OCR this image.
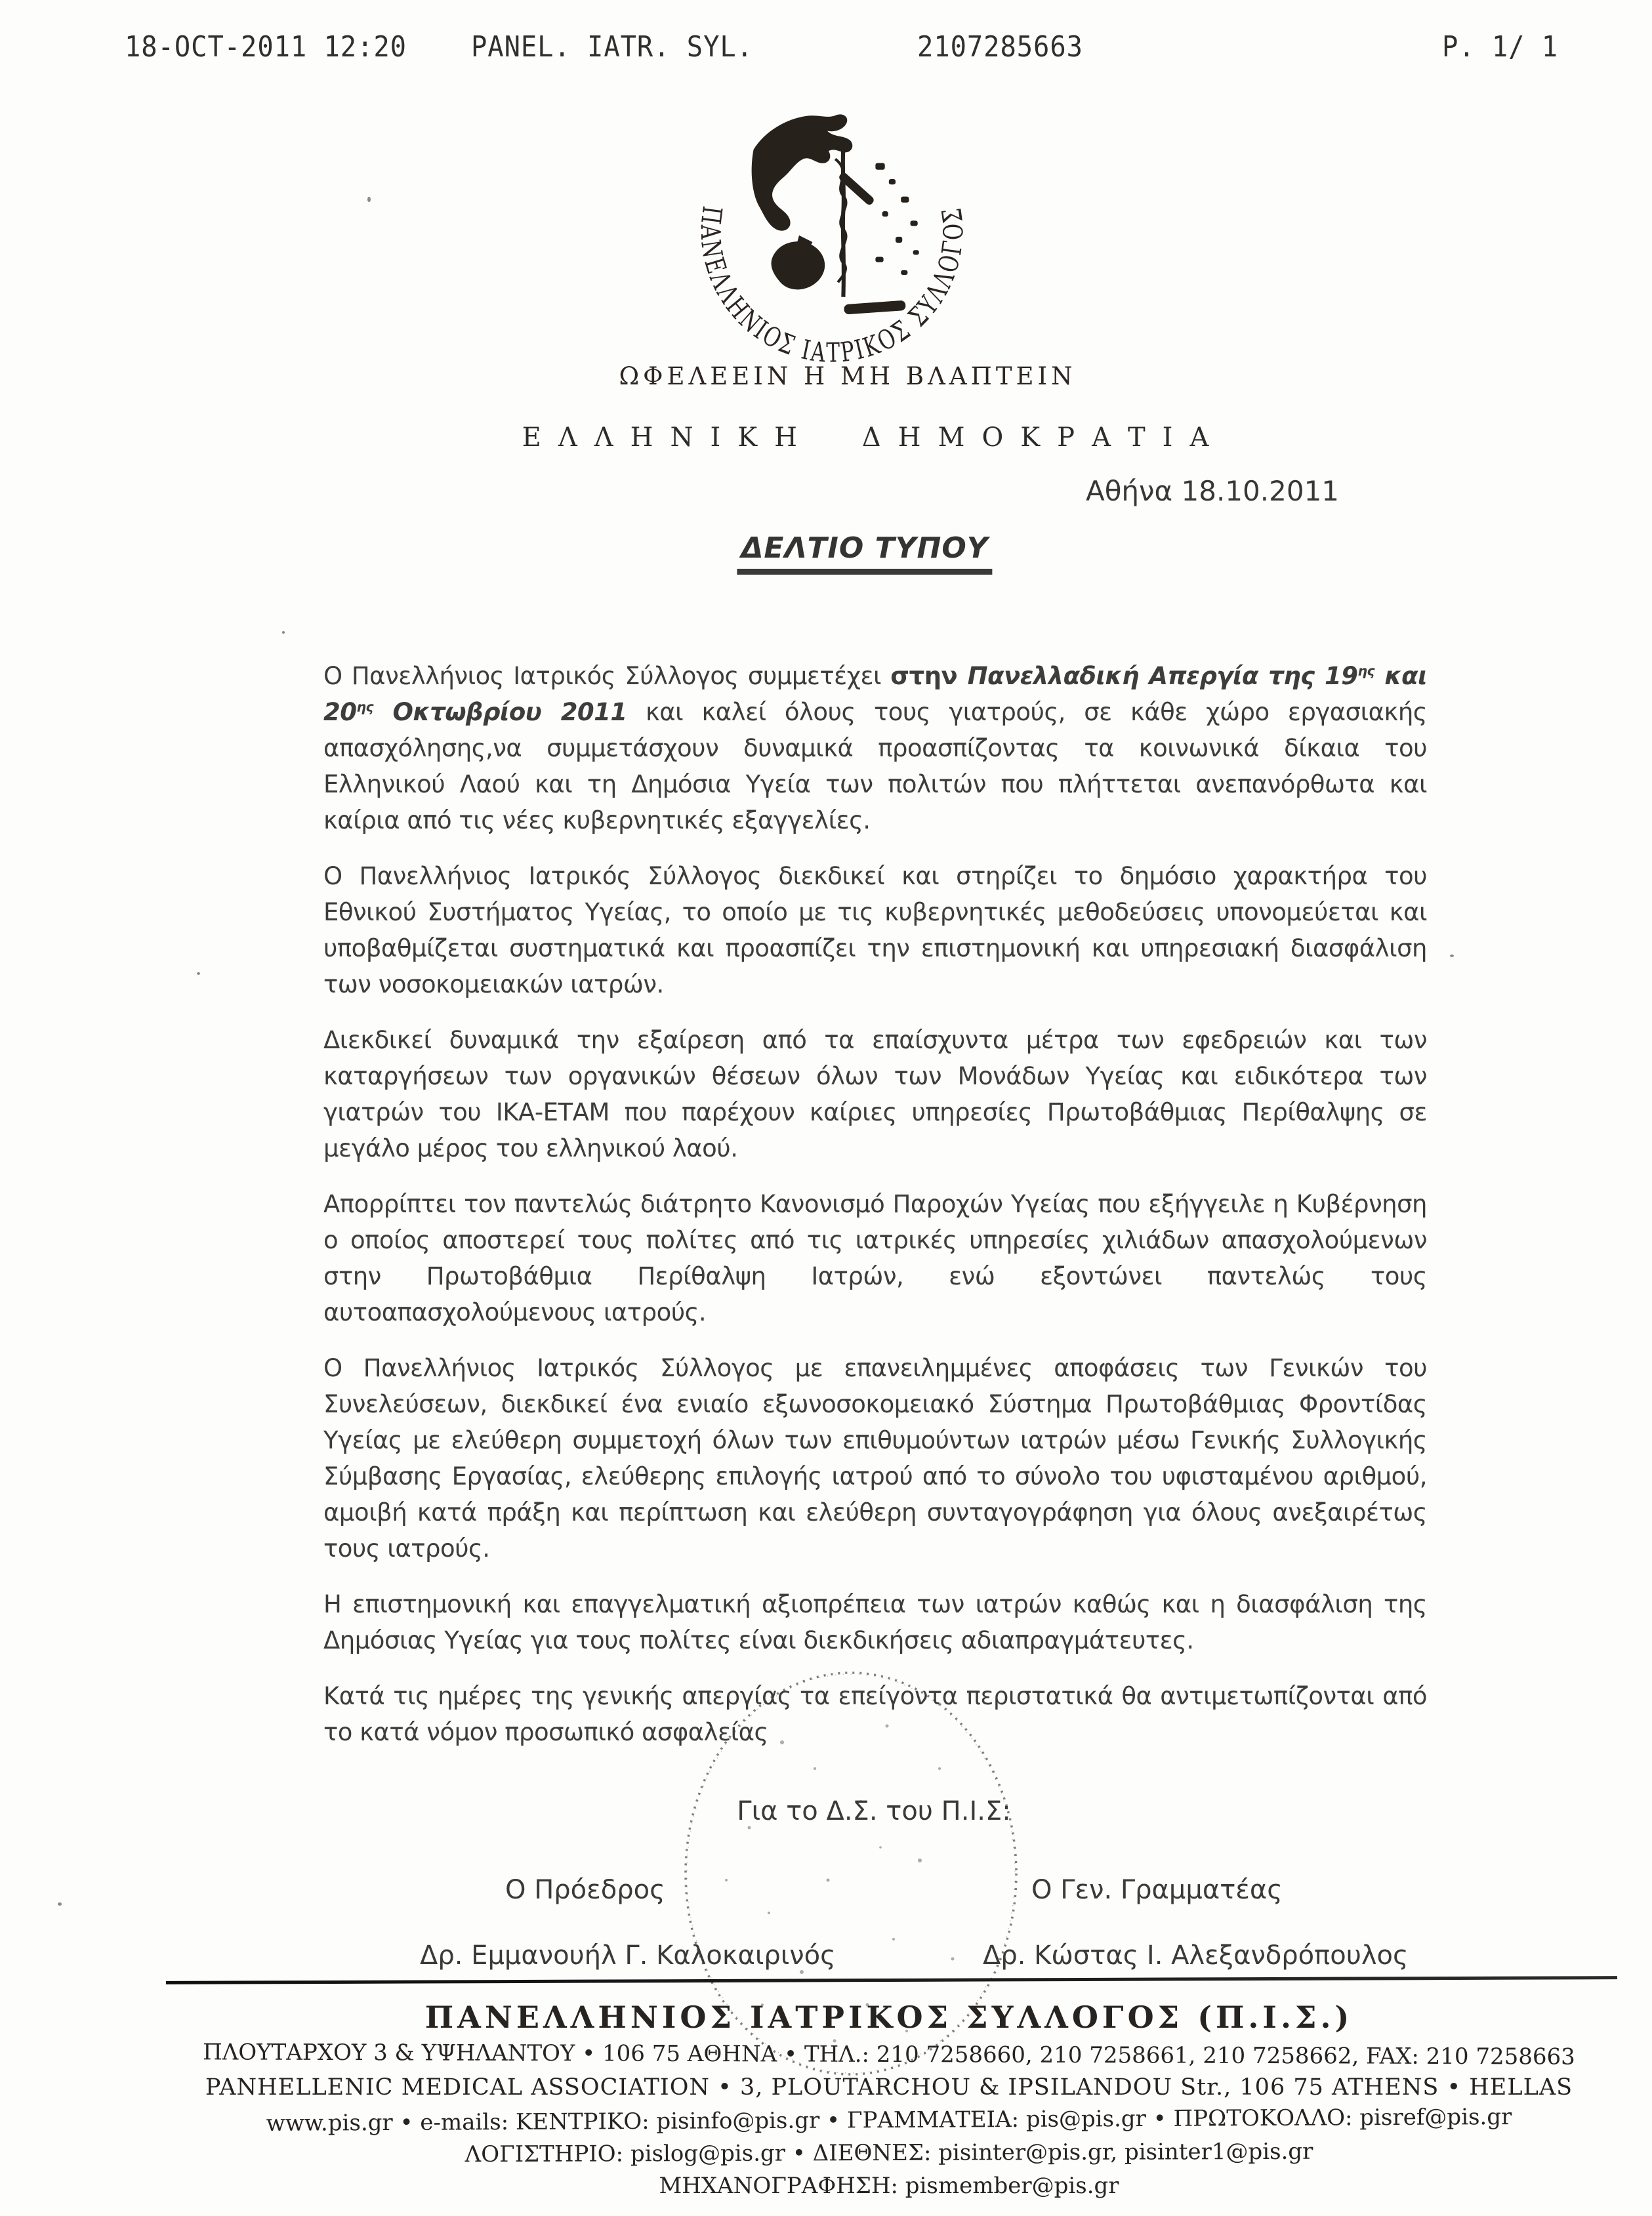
18-OCT-2011 12:20 PANEL. IATR. SYL.	2107285663	P. 1/ 1
ΠΑΝΕΛΛΗΝΙΟΣ ΙΑΤΡΙΚΟΣ ΣΥΛΛΟΓΟΣ
ΩΦΕΛΕΕΙΝ Η ΜΗ ΒΛΑΠΤΕΙΝ
ΕΛΛΗΝΙΚΗ ΔΗΜΟΚΡΑΤΙΑ
Αθήνα 18.10.2011
ΔΕΛΤΙΟ ΤΥΠΟΥ

Ο Πανελλήνιος Ιατρικός Σύλλογος συμμετέχει στην Πανελλαδική Απεργία της $19^{\eta\varsigma}$ και $20^{\eta\varsigma}$ Οκτωβρίου 2011 και καλεί όλους τους γιατρούς, σε κάθε χώρο εργασιακής απασχόλησης,να συμμετάσχουν δυναμικά προασπίζοντας τα κοινωνικά δίκαια του Ελληνικού Λαού και τη Δημόσια Υγεία των πολιτών που πλήττεται ανεπανόρθωτα και καίρια από τις νέες κυβερνητικές εξαγγελίες.

Ο Πανελλήνιος Ιατρικός Σύλλογος διεκδικεί και στηρίζει το δημόσιο χαρακτήρα του Εθνικού Συστήματος Υγείας, το οποίο με τις κυβερνητικές μεθοδεύσεις υπονομεύεται και υποβαθμίζεται συστηματικά και προασπίζει την επιστημονική και υπηρεσιακή διασφάλιση των νοσοκομειακών ιατρών.

Διεκδικεί δυναμικά την εξαίρεση από τα επαίσχυντα μέτρα των εφεδρειών και των καταργήσεων των οργανικών θέσεων όλων των Μονάδων Υγείας και ειδικότερα των γιατρών του ΙΚΑ-ΕΤΑΜ που παρέχουν καίριες υπηρεσίες Πρωτοβάθμιας Περίθαλψης σε μεγάλο μέρος του ελληνικού λαού.

Απορρίπτει τον παντελώς διάτρητο Κανονισμό Παροχών Υγείας που εξήγγειλε η Κυβέρνηση ο οποίος αποστερεί τους πολίτες από τις ιατρικές υπηρεσίες χιλιάδων απασχολούμενων στην Πρωτοβάθμια Περίθαλψη Ιατρών, ενώ εξοντώνει παντελώς τους αυτοαπασχολούμενους ιατρούς.

Ο Πανελλήνιος Ιατρικός Σύλλογος με επανειλημμένες αποφάσεις των Γενικών του Συνελεύσεων, διεκδικεί ένα ενιαίο εξωνοσοκομειακό Σύστημα Πρωτοβάθμιας Φροντίδας Υγείας με ελεύθερη συμμετοχή όλων των επιθυμούντων ιατρών μέσω Γενικής Συλλογικής Σύμβασης Εργασίας, ελεύθερης επιλογής ιατρού από το σύνολο του υφισταμένου αριθμού, αμοιβή κατά πράξη και περίπτωση και ελεύθερη συνταγογράφηση για όλους ανεξαιρέτως τους ιατρούς.

Η επιστημονική και επαγγελματική αξιοπρέπεια των ιατρών καθώς και η διασφάλιση της Δημόσιας Υγείας για τους πολίτες είναι διεκδικήσεις αδιαπραγμάτευτες.

Κατά τις ημέρες της γενικής απεργίας τα επείγοντα περιστατικά θα αντιμετωπίζονται από το κατά νόμον προσωπικό ασφαλείας

Για το Δ.Σ. του Π.Ι.Σ:
Ο Πρόεδρος	Ο Γεν. Γραμματέας
Δρ. Εμμανουήλ Γ. Καλοκαιρινός	Δρ. Κώστας Ι. Αλεξανδρόπουλος
ΠΑΝΕΛΛΗΝΙΟΣ ΙΑΤΡΙΚΟΣ ΣΥΛΛΟΓΟΣ (Π.Ι.Σ.)
ΠΛΟΥΤΑΡΧΟΥ 3 & ΥΨΗΛΑΝΤΟΥ • 106 75 ΑΘΗΝΑ • ΤΗΛ.: 210 7258660, 210 7258661, 210 7258662, FAX: 210 7258663
PANHELLENIC MEDICAL ASSOCIATION • 3, PLOUTARCHOU & IPSILANDOU Str., 106 75 ATHENS • HELLAS
www.pis.gr • e-mails: ΚΕΝΤΡΙΚΟ: pisinfo@pis.gr • ΓΡΑΜΜΑΤΕΙΑ: pis@pis.gr • ΠΡΩΤΟΚΟΛΛΟ: pisref@pis.gr
ΛΟΓΙΣΤΗΡΙΟ: pislog@pis.gr • ΔΙΕΘΝΕΣ: pisinter@pis.gr, pisinter1@pis.gr
ΜΗΧΑΝΟΓΡΑΦΗΣΗ: pismember@pis.gr
